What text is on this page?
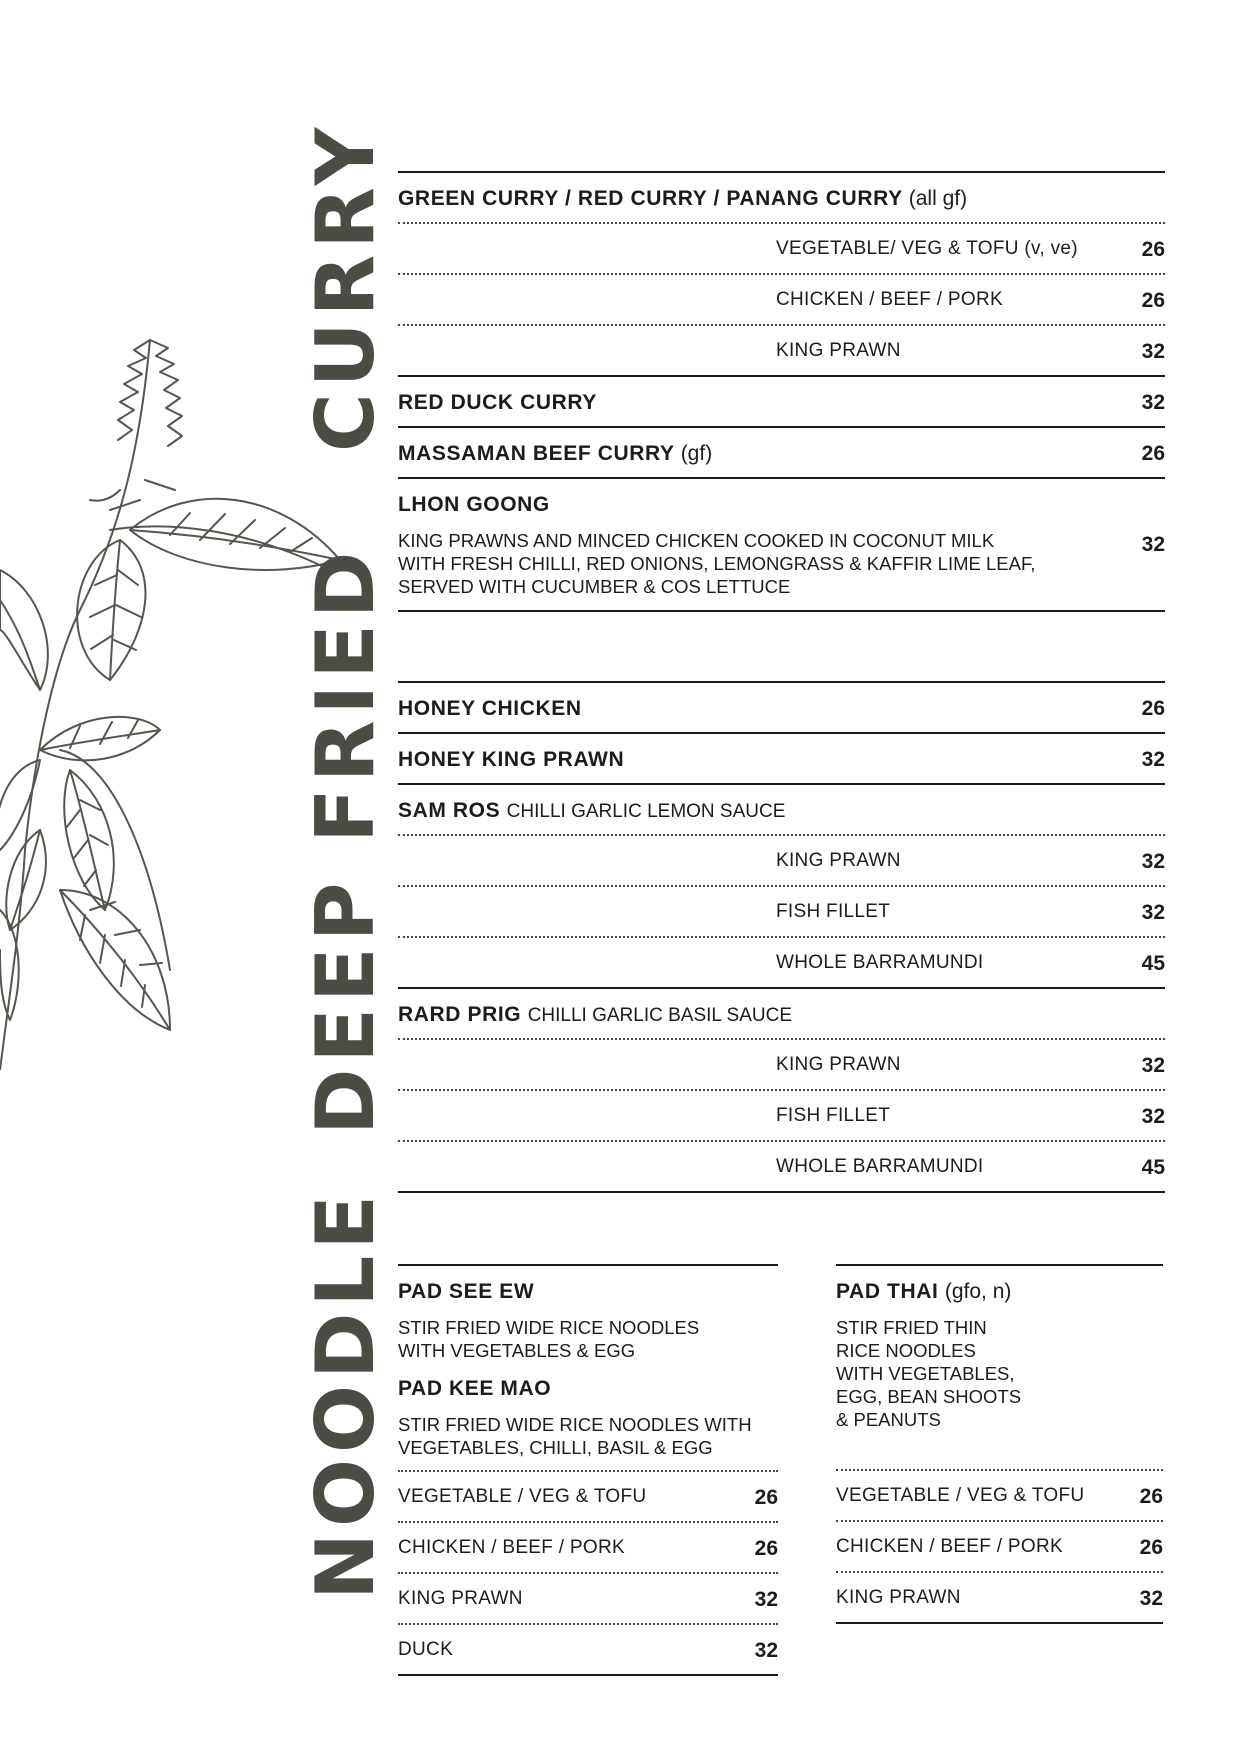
CURRY
DEEP FRIED
NOODLE
GREEN CURRY / RED CURRY / PANANG CURRY (all gf)
VEGETABLE/ VEG & TOFU (v, ve)	26
CHICKEN / BEEF / PORK	26
KING PRAWN	32
RED DUCK CURRY	32
MASSAMAN BEEF CURRY (gf)	26
LHON GOONG
KING PRAWNS AND MINCED CHICKEN COOKED IN COCONUT MILK
WITH FRESH CHILLI, RED ONIONS, LEMONGRASS & KAFFIR LIME LEAF,
SERVED WITH CUCUMBER & COS LETTUCE
32
HONEY CHICKEN	26
HONEY KING PRAWN	32
SAM ROS CHILLI GARLIC LEMON SAUCE
KING PRAWN	32
FISH FILLET	32
WHOLE BARRAMUNDI	45
RARD PRIG CHILLI GARLIC BASIL SAUCE
KING PRAWN	32
FISH FILLET	32
WHOLE BARRAMUNDI	45
PAD SEE EW
STIR FRIED WIDE RICE NOODLES
WITH VEGETABLES & EGG
PAD KEE MAO
STIR FRIED WIDE RICE NOODLES WITH
VEGETABLES, CHILLI, BASIL & EGG
VEGETABLE / VEG & TOFU	26
CHICKEN / BEEF / PORK	26
KING PRAWN	32
DUCK	32
PAD THAI (gfo, n)
STIR FRIED THIN
RICE NOODLES
WITH VEGETABLES,
EGG, BEAN SHOOTS
& PEANUTS
VEGETABLE / VEG & TOFU	26
CHICKEN / BEEF / PORK	26
KING PRAWN	32
